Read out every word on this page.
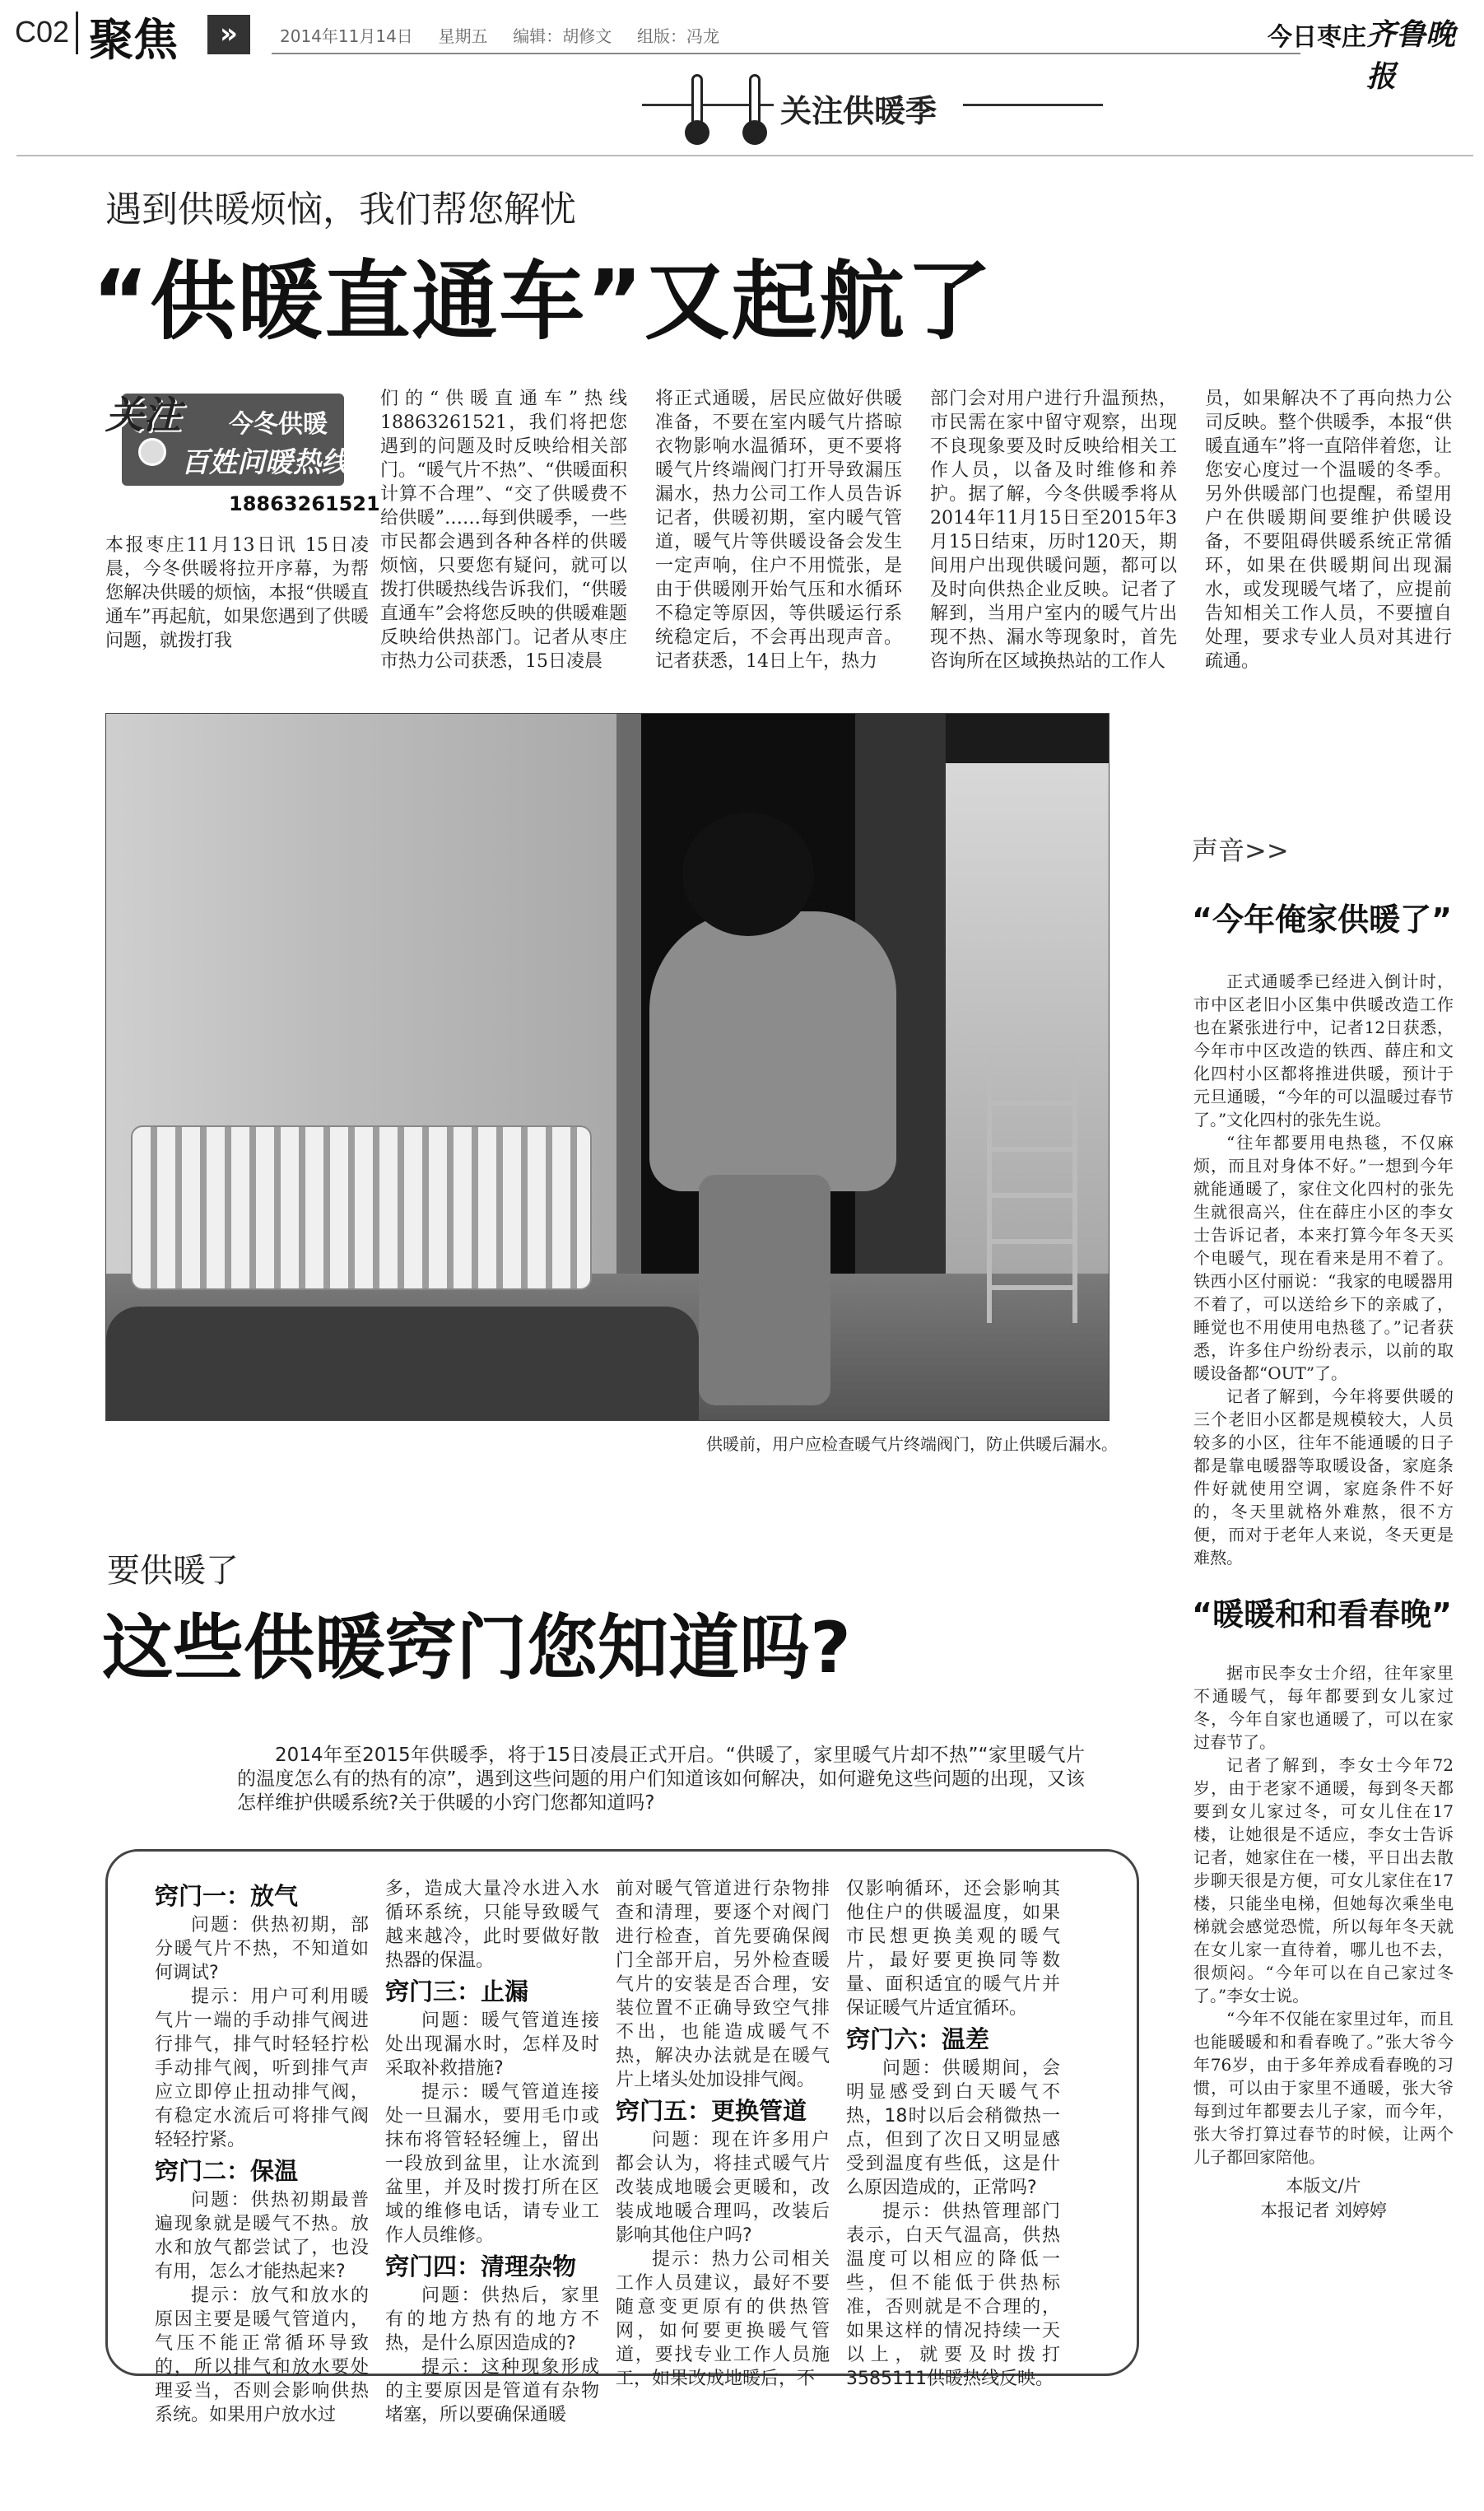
C02 聚焦	»	2014年11月14日 星期五 编辑：胡修文 组版：冯龙	今日枣庄 齐鲁晚报
关注供暖季
遇到供暖烦恼，我们帮您解忧
“供暖直通车”又起航了
关注 今冬供暖
百姓问暖热线
18863261521

本报枣庄11月13日讯 15日凌晨，今冬供暖将拉开序幕，为帮您解决供暖的烦恼，本报“供暖直通车”再起航，如果您遇到了供暖问题，就拨打我

们的“供暖直通车”热线18863261521，我们将把您遇到的问题及时反映给相关部门。“暖气片不热”、“供暖面积计算不合理”、“交了供暖费不给供暖”……每到供暖季，一些市民都会遇到各种各样的供暖烦恼，只要您有疑问，就可以拨打供暖热线告诉我们，“供暖直通车”会将您反映的供暖难题反映给供热部门。记者从枣庄市热力公司获悉，15日凌晨

将正式通暖，居民应做好供暖准备，不要在室内暖气片搭晾衣物影响水温循环，更不要将暖气片终端阀门打开导致漏压漏水，热力公司工作人员告诉记者，供暖初期，室内暖气管道，暖气片等供暖设备会发生一定声响，住户不用慌张，是由于供暖刚开始气压和水循环不稳定等原因，等供暖运行系统稳定后，不会再出现声音。记者获悉，14日上午，热力

部门会对用户进行升温预热，市民需在家中留守观察，出现不良现象要及时反映给相关工作人员，以备及时维修和养护。据了解，今冬供暖季将从2014年11月15日至2015年3月15日结束，历时120天，期间用户出现供暖问题，都可以及时向供热企业反映。记者了解到，当用户室内的暖气片出现不热、漏水等现象时，首先咨询所在区域换热站的工作人

员，如果解决不了再向热力公司反映。整个供暖季，本报“供暖直通车”将一直陪伴着您，让您安心度过一个温暖的冬季。另外供暖部门也提醒，希望用户在供暖期间要维护供暖设备，不要阻碍供暖系统正常循环，如果在供暖期间出现漏水，或发现暖气堵了，应提前告知相关工作人员，不要擅自处理，要求专业人员对其进行疏通。

供暖前，用户应检查暖气片终端阀门，防止供暖后漏水。
声音>>
“今年俺家供暖了”

正式通暖季已经进入倒计时，市中区老旧小区集中供暖改造工作也在紧张进行中，记者12日获悉，今年市中区改造的铁西、薛庄和文化四村小区都将推进供暖，预计于元旦通暖，“今年的可以温暖过春节了。”文化四村的张先生说。

“往年都要用电热毯，不仅麻烦，而且对身体不好。”一想到今年就能通暖了，家住文化四村的张先生就很高兴，住在薛庄小区的李女士告诉记者，本来打算今年冬天买个电暖气，现在看来是用不着了。铁西小区付丽说：“我家的电暖器用不着了，可以送给乡下的亲戚了，睡觉也不用使用电热毯了。”记者获悉，许多住户纷纷表示，以前的取暖设备都“OUT”了。

记者了解到，今年将要供暖的三个老旧小区都是规模较大，人员较多的小区，往年不能通暖的日子都是靠电暖器等取暖设备，家庭条件好就使用空调，家庭条件不好的，冬天里就格外难熬，很不方便，而对于老年人来说，冬天更是难熬。

“暖暖和和看春晚”

据市民李女士介绍，往年家里不通暖气，每年都要到女儿家过冬，今年自家也通暖了，可以在家过春节了。

记者了解到，李女士今年72岁，由于老家不通暖，每到冬天都要到女儿家过冬，可女儿住在17楼，让她很是不适应，李女士告诉记者，她家住在一楼，平日出去散步聊天很是方便，可女儿家住在17楼，只能坐电梯，但她每次乘坐电梯就会感觉恐慌，所以每年冬天就在女儿家一直待着，哪儿也不去，很烦闷。“今年可以在自己家过冬了。”李女士说。

“今年不仅能在家里过年，而且也能暖暖和和看春晚了。”张大爷今年76岁，由于多年养成看春晚的习惯，可以由于家里不通暖，张大爷每到过年都要去儿子家，而今年，张大爷打算过春节的时候，让两个儿子都回家陪他。

本版文/片
本报记者 刘婷婷
要供暖了
这些供暖窍门您知道吗?
2014年至2015年供暖季，将于15日凌晨正式开启。“供暖了，家里暖气片却不热”“家里暖气片的温度怎么有的热有的凉”，遇到这些问题的用户们知道该如何解决，如何避免这些问题的出现，又该怎样维护供暖系统?关于供暖的小窍门您都知道吗?
窍门一：放气

问题：供热初期，部分暖气片不热，不知道如何调试?

提示：用户可利用暖气片一端的手动排气阀进行排气，排气时轻轻拧松手动排气阀，听到排气声应立即停止扭动排气阀，有稳定水流后可将排气阀轻轻拧紧。

窍门二：保温

问题：供热初期最普遍现象就是暖气不热。放水和放气都尝试了，也没有用，怎么才能热起来?

提示：放气和放水的原因主要是暖气管道内，气压不能正常循环导致的，所以排气和放水要处理妥当，否则会影响供热系统。如果用户放水过

多，造成大量冷水进入水循环系统，只能导致暖气越来越冷，此时要做好散热器的保温。

窍门三：止漏

问题：暖气管道连接处出现漏水时，怎样及时采取补救措施?

提示：暖气管道连接处一旦漏水，要用毛巾或抹布将管轻轻缠上，留出一段放到盆里，让水流到盆里，并及时拨打所在区域的维修电话，请专业工作人员维修。

窍门四：清理杂物

问题：供热后，家里有的地方热有的地方不热，是什么原因造成的?

提示：这种现象形成的主要原因是管道有杂物堵塞，所以要确保通暖

前对暖气管道进行杂物排查和清理，要逐个对阀门进行检查，首先要确保阀门全部开启，另外检查暖气片的安装是否合理，安装位置不正确导致空气排不出，也能造成暖气不热，解决办法就是在暖气片上堵头处加设排气阀。

窍门五：更换管道

问题：现在许多用户都会认为，将挂式暖气片改装成地暖会更暖和，改装成地暖合理吗，改装后影响其他住户吗?

提示：热力公司相关工作人员建议，最好不要随意变更原有的供热管网，如何要更换暖气管道，要找专业工作人员施工，如果改成地暖后，不

仅影响循环，还会影响其他住户的供暖温度，如果市民想更换美观的暖气片，最好要更换同等数量、面积适宜的暖气片并保证暖气片适宜循环。

窍门六：温差

问题：供暖期间，会明显感受到白天暖气不热，18时以后会稍微热一点，但到了次日又明显感受到温度有些低，这是什么原因造成的，正常吗?

提示：供热管理部门表示，白天气温高，供热温度可以相应的降低一些，但不能低于供热标准，否则就是不合理的，如果这样的情况持续一天以上，就要及时拨打3585111供暖热线反映。
